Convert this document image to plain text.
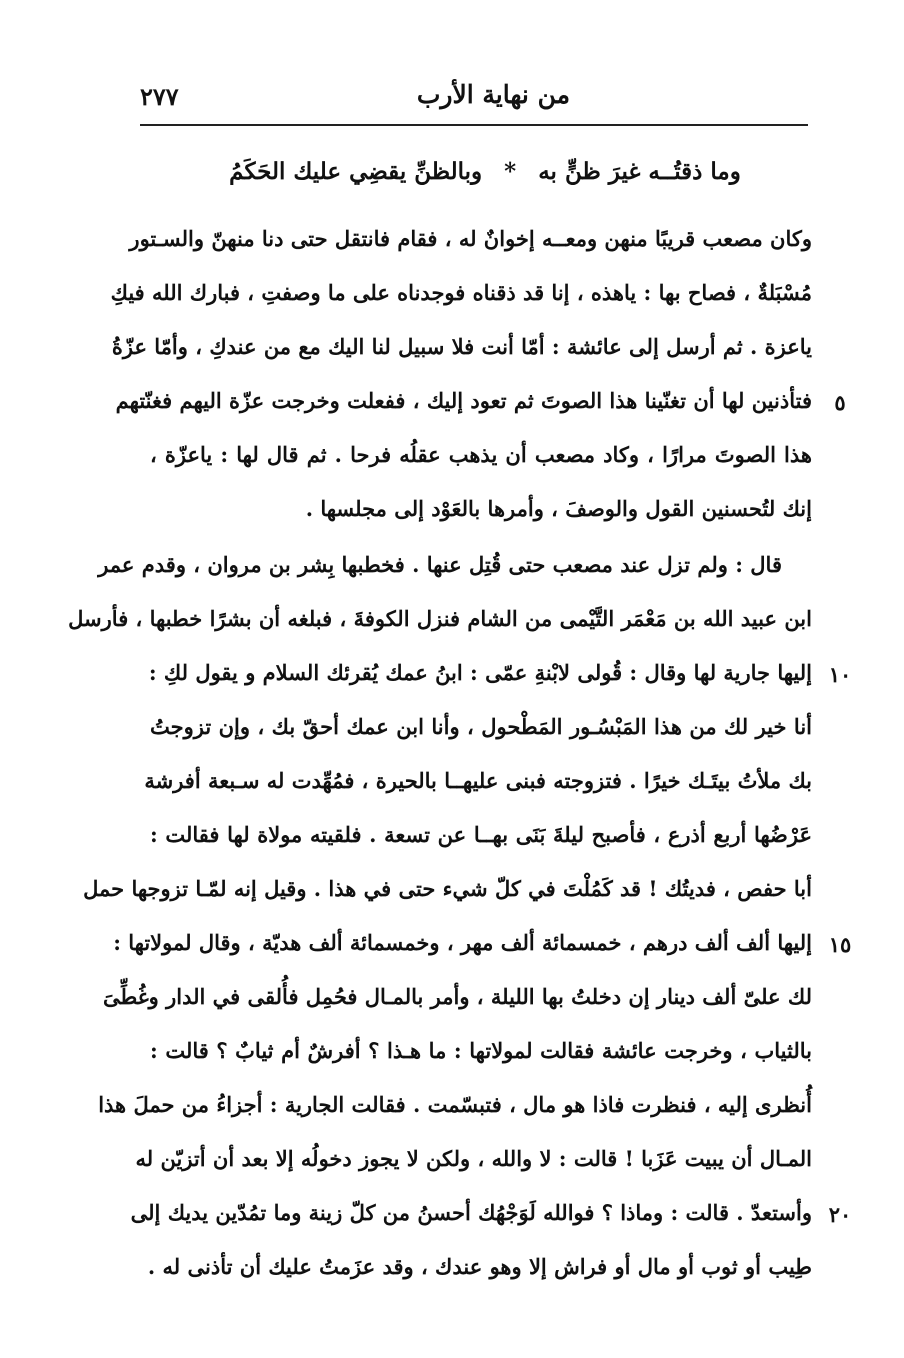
من نهاية الأرب
٢٧٧
وما ذقتُــه غيرَ ظنٍّ به * وبالظنِّ يقضِي عليك الحَكَمُ
وكان مصعب قريبًا منهن ومعــه إخوانٌ له ، فقام فانتقل حتى دنا منهنّ والسـتور
مُسْبَلةٌ ، فصاح بها : ياهذه ، إنا قد ذقناه فوجدناه على ما وصفتِ ، فبارك الله فيكِ
ياعزة . ثم أرسل إلى عائشة : أمّا أنت فلا سبيل لنا اليك مع من عندكِ ، وأمّا عزّةُ
فتأذنين لها أن تغنّينا هذا الصوتَ ثم تعود إليك ، ففعلت وخرجت عزّة اليهم فغنّتهم	٥
هذا الصوتَ مرارًا ، وكاد مصعب أن يذهب عقلُه فرحا . ثم قال لها : ياعزّة ،
إنك لتُحسنين القول والوصفَ ، وأمرها بالعَوْد إلى مجلسها .
قال : ولم تزل عند مصعب حتى قُتِل عنها . فخطبها بِشر بن مروان ، وقدم عمر
ابن عبيد الله بن مَعْمَر التَّيْمى من الشام فنزل الكوفةَ ، فبلغه أن بشرًا خطبها ، فأرسل
إليها جارية لها وقال : قُولى لابْنةِ عمّى : ابنُ عمك يُقرئك السلام و يقول لكِ : ١٠
أنا خير لك من هذا المَبْسُـور المَطْحول ، وأنا ابن عمك أحقّ بك ، وإن تزوجتُ
بك ملأتُ بيتَـك خيرًا . فتزوجته فبنى عليهــا بالحيرة ، فمُهِّدت له سـبعة أفرشة
عَرْضُها أربع أذرع ، فأصبح ليلةَ بَنَى بهــا عن تسعة . فلقيته مولاة لها فقالت :
أبا حفص ، فديتُك ! قد كَمُلْتَ في كلّ شيء حتى في هذا . وقيل إنه لمّـا تزوجها حمل
إليها ألف ألف درهم ، خمسمائة ألف مهر ، وخمسمائة ألف هديّة ، وقال لمولاتها : ١٥
لك علىّ ألف دينار إن دخلتُ بها الليلة ، وأمر بالمـال فحُمِل فأُلقى في الدار وغُطِّىَ
بالثياب ، وخرجت عائشة فقالت لمولاتها : ما هـذا ؟ أفرشٌ أم ثيابٌ ؟ قالت :
أُنظرى إليه ، فنظرت فاذا هو مال ، فتبسّمت . فقالت الجارية : أجزاءُ من حملَ هذا
المـال أن يبيت عَزَبا ! قالت : لا والله ، ولكن لا يجوز دخولُه إلا بعد أن أتزيّن له
وأستعدّ . قالت : وماذا ؟ فوالله لَوَجْهُك أحسنُ من كلّ زينة وما تمُدّين يديك إلى ٢٠
طِيب أو ثوب أو مال أو فراش إلا وهو عندك ، وقد عزَمتُ عليك أن تأذنى له .
